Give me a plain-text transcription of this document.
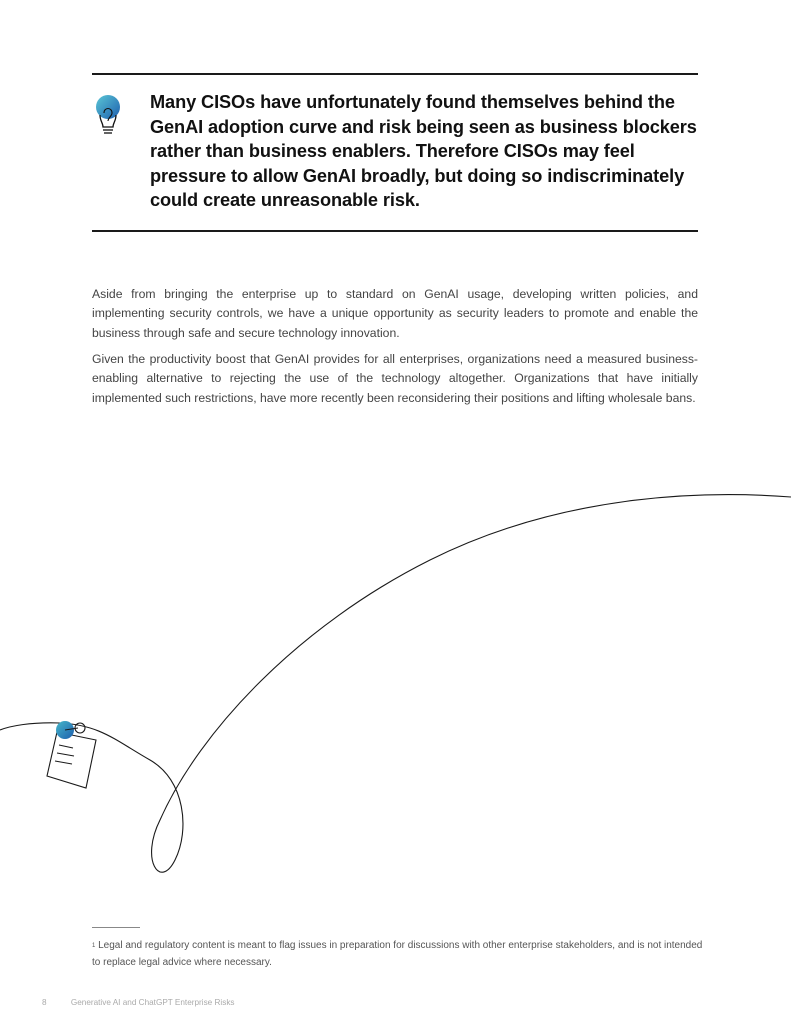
Many CISOs have unfortunately found themselves behind the GenAI adoption curve and risk being seen as business blockers rather than business enablers. Therefore CISOs may feel pressure to allow GenAI broadly, but doing so indiscriminately could create unreasonable risk.

Aside from bringing the enterprise up to standard on GenAI usage, developing written policies, and implementing security controls, we have a unique opportunity as security leaders to promote and enable the business through safe and secure technology innovation.

Given the productivity boost that GenAI provides for all enterprises, organizations need a measured business-enabling alternative to rejecting the use of the technology altogether. Organizations that have initially implemented such restrictions, have more recently been reconsidering their positions and lifting wholesale bans.

$^1$ Legal and regulatory content is meant to flag issues in preparation for discussions with other enterprise stakeholders, and is not intended to replace legal advice where necessary.

8	Generative AI and ChatGPT Enterprise Risks
